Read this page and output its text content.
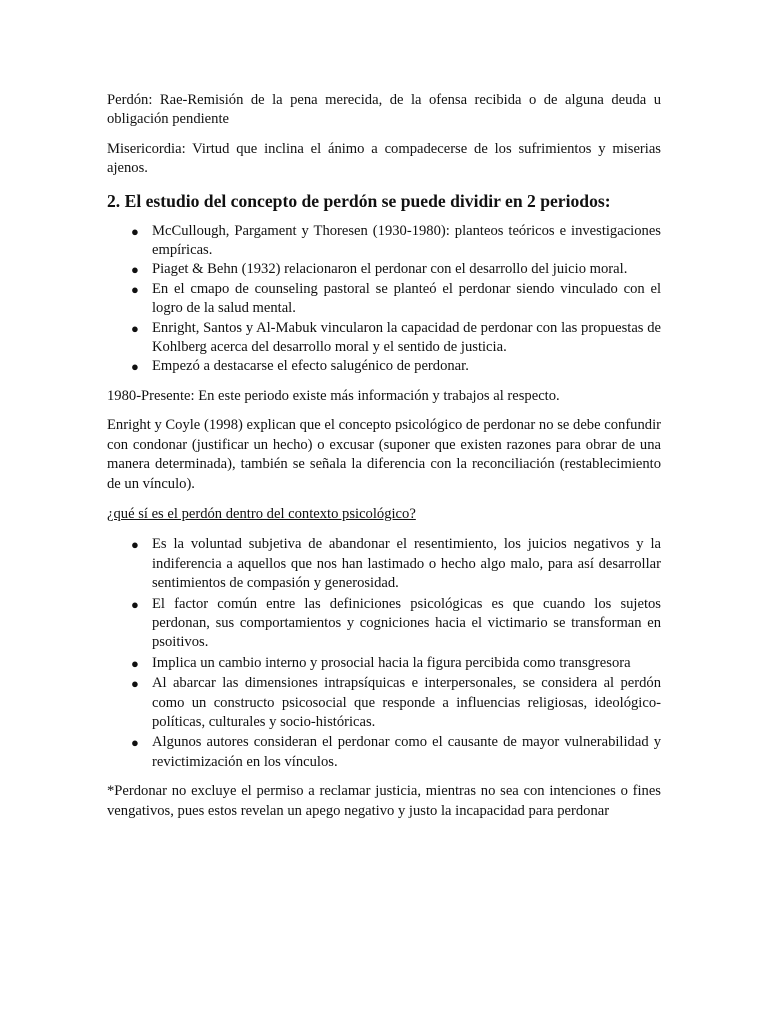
Perdón: Rae-Remisión de la pena merecida, de la ofensa recibida o de alguna deuda u obligación pendiente

Misericordia: Virtud que inclina el ánimo a compadecerse de los sufrimientos y miserias ajenos.

2. El estudio del concepto de perdón se puede dividir en 2 periodos:
● McCullough, Pargament y Thoresen (1930-1980): planteos teóricos e investigaciones empíricas.
● Piaget & Behn (1932) relacionaron el perdonar con el desarrollo del juicio moral.
● En el cmapo de counseling pastoral se planteó el perdonar siendo vinculado con el logro de la salud mental.
● Enright, Santos y Al-Mabuk vincularon la capacidad de perdonar con las propuestas de Kohlberg acerca del desarrollo moral y el sentido de justicia.
● Empezó a destacarse el efecto salugénico de perdonar.

1980-Presente: En este periodo existe más información y trabajos al respecto.

Enright y Coyle (1998) explican que el concepto psicológico de perdonar no se debe confundir con condonar (justificar un hecho) o excusar (suponer que existen razones para obrar de una manera determinada), también se señala la diferencia con la reconciliación (restablecimiento de un vínculo).

¿qué sí es el perdón dentro del contexto psicológico?

● Es la voluntad subjetiva de abandonar el resentimiento, los juicios negativos y la indiferencia a aquellos que nos han lastimado o hecho algo malo, para así desarrollar sentimientos de compasión y generosidad.
● El factor común entre las definiciones psicológicas es que cuando los sujetos perdonan, sus comportamientos y cogniciones hacia el victimario se transforman en psoitivos.
● Implica un cambio interno y prosocial hacia la figura percibida como transgresora
● Al abarcar las dimensiones intrapsíquicas e interpersonales, se considera al perdón como un constructo psicosocial que responde a influencias religiosas, ideológico-políticas, culturales y socio-históricas.
● Algunos autores consideran el perdonar como el causante de mayor vulnerabilidad y revictimización en los vínculos.

*Perdonar no excluye el permiso a reclamar justicia, mientras no sea con intenciones o fines vengativos, pues estos revelan un apego negativo y justo la incapacidad para perdonar
